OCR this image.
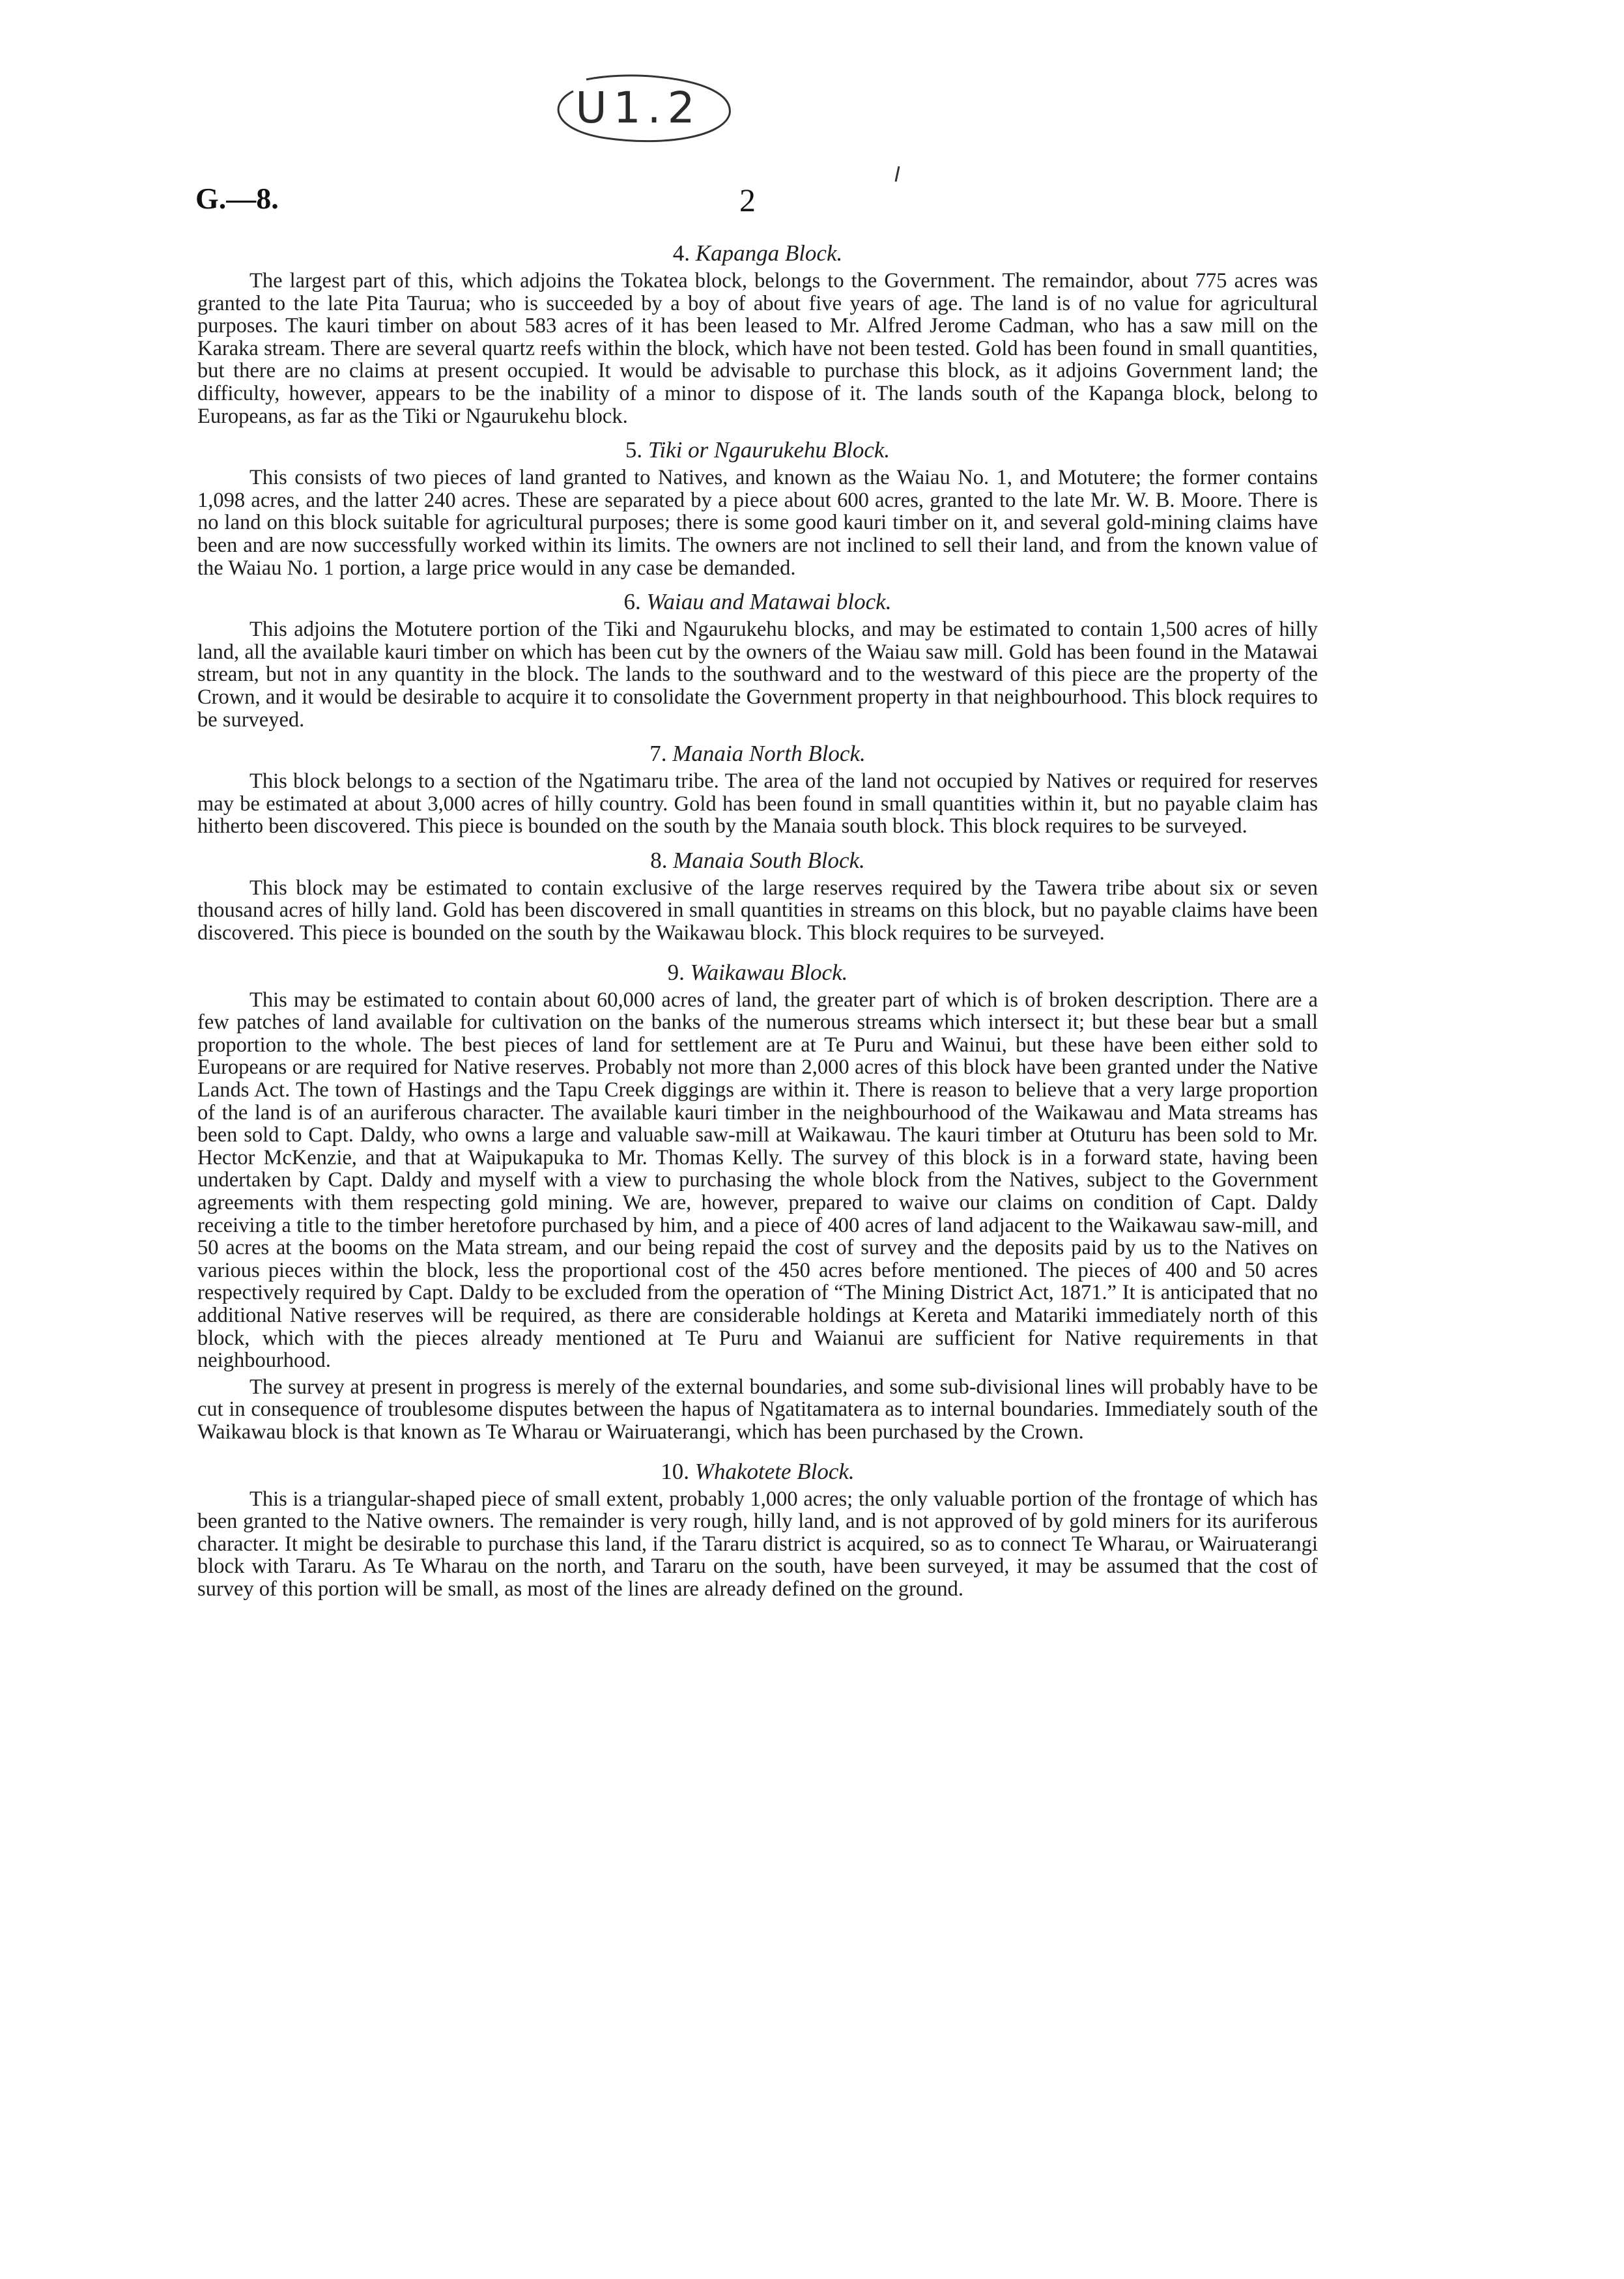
U1.2
G.—8.	2
4. Kapanga Block.

The largest part of this, which adjoins the Tokatea block, belongs to the Government. The remaindor, about 775 acres was granted to the late Pita Taurua; who is succeeded by a boy of about five years of age. The land is of no value for agricultural purposes. The kauri timber on about 583 acres of it has been leased to Mr. Alfred Jerome Cadman, who has a saw mill on the Karaka stream. There are several quartz reefs within the block, which have not been tested. Gold has been found in small quantities, but there are no claims at present occupied. It would be advisable to purchase this block, as it adjoins Government land; the difficulty, however, appears to be the inability of a minor to dispose of it. The lands south of the Kapanga block, belong to Europeans, as far as the Tiki or Ngaurukehu block.

5. Tiki or Ngaurukehu Block.

This consists of two pieces of land granted to Natives, and known as the Waiau No. 1, and Motutere; the former contains 1,098 acres, and the latter 240 acres. These are separated by a piece about 600 acres, granted to the late Mr. W. B. Moore. There is no land on this block suitable for agricultural purposes; there is some good kauri timber on it, and several gold-mining claims have been and are now successfully worked within its limits. The owners are not inclined to sell their land, and from the known value of the Waiau No. 1 portion, a large price would in any case be demanded.

6. Waiau and Matawai block.

This adjoins the Motutere portion of the Tiki and Ngaurukehu blocks, and may be estimated to contain 1,500 acres of hilly land, all the available kauri timber on which has been cut by the owners of the Waiau saw mill. Gold has been found in the Matawai stream, but not in any quantity in the block. The lands to the southward and to the westward of this piece are the property of the Crown, and it would be desirable to acquire it to consolidate the Government property in that neighbourhood. This block requires to be surveyed.

7. Manaia North Block.

This block belongs to a section of the Ngatimaru tribe. The area of the land not occupied by Natives or required for reserves may be estimated at about 3,000 acres of hilly country. Gold has been found in small quantities within it, but no payable claim has hitherto been discovered. This piece is bounded on the south by the Manaia south block. This block requires to be surveyed.

8. Manaia South Block.

This block may be estimated to contain exclusive of the large reserves required by the Tawera tribe about six or seven thousand acres of hilly land. Gold has been discovered in small quantities in streams on this block, but no payable claims have been discovered. This piece is bounded on the south by the Waikawau block. This block requires to be surveyed.

9. Waikawau Block.

This may be estimated to contain about 60,000 acres of land, the greater part of which is of broken description. There are a few patches of land available for cultivation on the banks of the numerous streams which intersect it; but these bear but a small proportion to the whole. The best pieces of land for settlement are at Te Puru and Wainui, but these have been either sold to Europeans or are required for Native reserves. Probably not more than 2,000 acres of this block have been granted under the Native Lands Act. The town of Hastings and the Tapu Creek diggings are within it. There is reason to believe that a very large proportion of the land is of an auriferous character. The available kauri timber in the neighbourhood of the Waikawau and Mata streams has been sold to Capt. Daldy, who owns a large and valuable saw-mill at Waikawau. The kauri timber at Otuturu has been sold to Mr. Hector McKenzie, and that at Waipukapuka to Mr. Thomas Kelly. The survey of this block is in a forward state, having been undertaken by Capt. Daldy and myself with a view to purchasing the whole block from the Natives, subject to the Government agreements with them respecting gold mining. We are, however, prepared to waive our claims on condition of Capt. Daldy receiving a title to the timber heretofore purchased by him, and a piece of 400 acres of land adjacent to the Waikawau saw-mill, and 50 acres at the booms on the Mata stream, and our being repaid the cost of survey and the deposits paid by us to the Natives on various pieces within the block, less the proportional cost of the 450 acres before mentioned. The pieces of 400 and 50 acres respectively required by Capt. Daldy to be excluded from the operation of “The Mining District Act, 1871.” It is anticipated that no additional Native reserves will be required, as there are considerable holdings at Kereta and Matariki immediately north of this block, which with the pieces already mentioned at Te Puru and Waianui are sufficient for Native requirements in that neighbourhood.

The survey at present in progress is merely of the external boundaries, and some sub-divisional lines will probably have to be cut in consequence of troublesome disputes between the hapus of Ngatitamatera as to internal boundaries. Immediately south of the Waikawau block is that known as Te Wharau or Wairuaterangi, which has been purchased by the Crown.

10. Whakotete Block.

This is a triangular-shaped piece of small extent, probably 1,000 acres; the only valuable portion of the frontage of which has been granted to the Native owners. The remainder is very rough, hilly land, and is not approved of by gold miners for its auriferous character. It might be desirable to purchase this land, if the Tararu district is acquired, so as to connect Te Wharau, or Wairuaterangi block with Tararu. As Te Wharau on the north, and Tararu on the south, have been surveyed, it may be assumed that the cost of survey of this portion will be small, as most of the lines are already defined on the ground.
